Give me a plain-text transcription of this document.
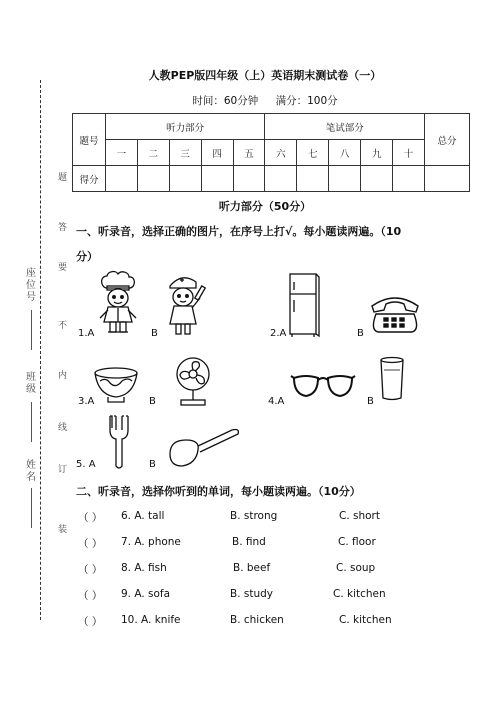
题
答
要
不
内
线
订
装
座位号
班级
姓名
人教PEP版四年级（上）英语期末测试卷（一）
时间：60分钟 满分：100分
题号	听力部分					笔试部分					总分
	一	二	三	四	五	六	七	八	九	十	
得分											
听力部分（50分）
一、听录音，选择正确的图片，在序号上打√。每小题读两遍。（10
分）
1.A	B	2.A	B
3.A	B	4.A	B
5. A	B
二、听录音，选择你听到的单词，每小题读两遍。（10分）
（ ） 6. A. tall	B. strong	C. short
（ ） 7. A. phone	B. find	C. floor
（ ） 8. A. fish	B. beef	C. soup
（ ） 9. A. sofa	B. study	C. kitchen
（ ） 10. A. knife	B. chicken	C. kitchen
